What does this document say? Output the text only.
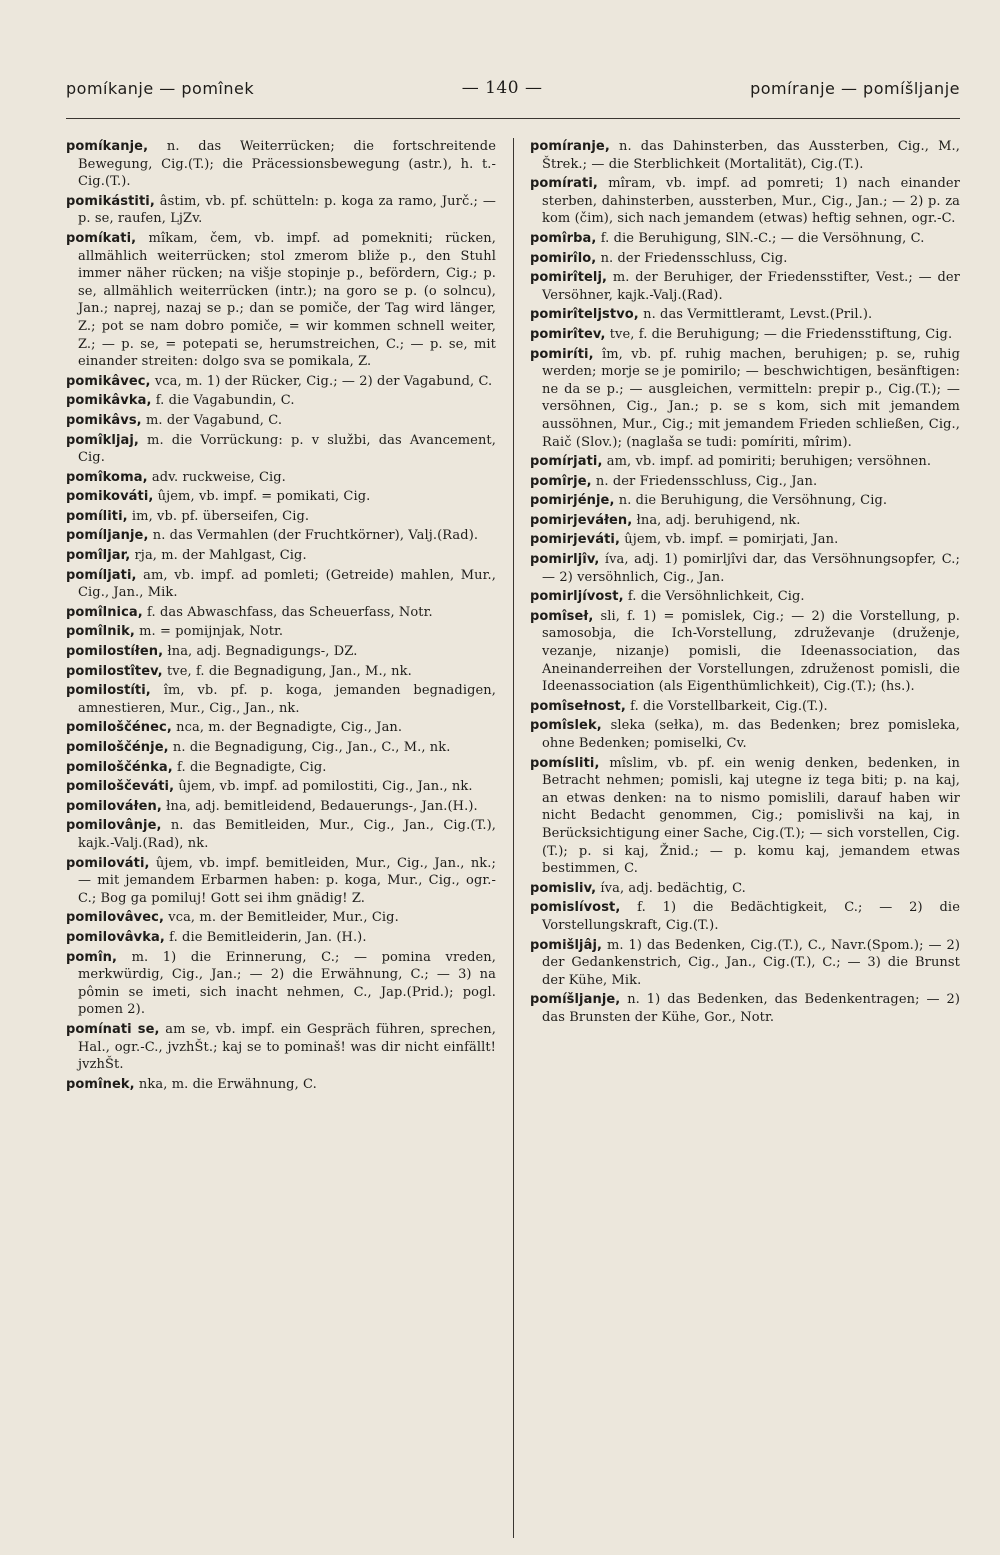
pomíkanje — pomînek	— 140 —	pomíranje — pomíšljanje

pomíkanje, n. das Weiterrücken; die fortschreitende Bewegung, Cig.(T.); die Präcessionsbewegung (astr.), h. t.-Cig.(T.).

pomikástiti, âstim, vb. pf. schütteln: p. koga za ramo, Jurč.; — p. se, raufen, LjZv.

pomíkati, mîkam, čem, vb. impf. ad pomekniti; rücken, allmählich weiterrücken; stol zmerom bliže p., den Stuhl immer näher rücken; na višje stopinje p., befördern, Cig.; p. se, allmählich weiterrücken (intr.); na goro se p. (o solncu), Jan.; naprej, nazaj se p.; dan se pomiče, der Tag wird länger, Z.; pot se nam dobro pomiče, = wir kommen schnell weiter, Z.; — p. se, = potepati se, herumstreichen, C.; — p. se, mit einander streiten: dolgo sva se pomikala, Z.

pomikâvec, vca, m. 1) der Rücker, Cig.; — 2) der Vagabund, C.

pomikâvka, f. die Vagabundin, C.

pomikâvs, m. der Vagabund, C.

pomîkljaj, m. die Vorrückung: p. v službi, das Avancement, Cig.

pomîkoma, adv. ruckweise, Cig.

pomikováti, ûjem, vb. impf. = pomikati, Cig.

pomíliti, im, vb. pf. überseifen, Cig.

pomíljanje, n. das Vermahlen (der Fruchtkörner), Valj.(Rad).

pomîljar, rja, m. der Mahlgast, Cig.

pomíljati, am, vb. impf. ad pomleti; (Getreide) mahlen, Mur., Cig., Jan., Mik.

pomîlnica, f. das Abwaschfass, das Scheuerfass, Notr.

pomîlnik, m. = pomijnjak, Notr.

pomilostíłen, łna, adj. Begnadigungs-, DZ.

pomilostîtev, tve, f. die Begnadigung, Jan., M., nk.

pomilostíti, îm, vb. pf. p. koga, jemanden begnadigen, amnestieren, Mur., Cig., Jan., nk.

pomiloščénec, nca, m. der Begnadigte, Cig., Jan.

pomiloščénje, n. die Begnadigung, Cig., Jan., C., M., nk.

pomiloščénka, f. die Begnadigte, Cig.

pomiloščeváti, ûjem, vb. impf. ad pomilostiti, Cig., Jan., nk.

pomilováłen, łna, adj. bemitleidend, Bedauerungs-, Jan.(H.).

pomilovânje, n. das Bemitleiden, Mur., Cig., Jan., Cig.(T.), kajk.-Valj.(Rad), nk.

pomilováti, ûjem, vb. impf. bemitleiden, Mur., Cig., Jan., nk.; — mit jemandem Erbarmen haben: p. koga, Mur., Cig., ogr.-C.; Bog ga pomiluj! Gott sei ihm gnädig! Z.

pomilovâvec, vca, m. der Bemitleider, Mur., Cig.

pomilovâvka, f. die Bemitleiderin, Jan. (H.).

pomîn, m. 1) die Erinnerung, C.; — pomina vreden, merkwürdig, Cig., Jan.; — 2) die Erwähnung, C.; — 3) na pômin se imeti, sich inacht nehmen, C., Jap.(Prid.); pogl. pomen 2).

pomínati se, am se, vb. impf. ein Gespräch führen, sprechen, Hal., ogr.-C., jvzhŠt.; kaj se to pominaš! was dir nicht einfällt! jvzhŠt.

pomînek, nka, m. die Erwähnung, C.

pomíranje, n. das Dahinsterben, das Aussterben, Cig., M., Štrek.; — die Sterblichkeit (Mortalität), Cig.(T.).

pomírati, mîram, vb. impf. ad pomreti; 1) nach einander sterben, dahinsterben, aussterben, Mur., Cig., Jan.; — 2) p. za kom (čim), sich nach jemandem (etwas) heftig sehnen, ogr.-C.

pomîrba, f. die Beruhigung, SlN.-C.; — die Versöhnung, C.

pomirîlo, n. der Friedensschluss, Cig.

pomirîtelj, m. der Beruhiger, der Friedensstifter, Vest.; — der Versöhner, kajk.-Valj.(Rad).

pomirîteljstvo, n. das Vermittleramt, Levst.(Pril.).

pomirîtev, tve, f. die Beruhigung; — die Friedensstiftung, Cig.

pomiríti, îm, vb. pf. ruhig machen, beruhigen; p. se, ruhig werden; morje se je pomirilo; — beschwichtigen, besänftigen: ne da se p.; — ausgleichen, vermitteln: prepir p., Cig.(T.); — versöhnen, Cig., Jan.; p. se s kom, sich mit jemandem aussöhnen, Mur., Cig.; mit jemandem Frieden schließen, Cig., Raič (Slov.); (naglaša se tudi: pomíriti, mîrim).

pomírjati, am, vb. impf. ad pomiriti; beruhigen; versöhnen.

pomîrje, n. der Friedensschluss, Cig., Jan.

pomirjénje, n. die Beruhigung, die Versöhnung, Cig.

pomirjeváłen, łna, adj. beruhigend, nk.

pomirjeváti, ûjem, vb. impf. = pomirjati, Jan.

pomirljîv, íva, adj. 1) pomirljîvi dar, das Versöhnungsopfer, C.; — 2) versöhnlich, Cig., Jan.

pomirljívost, f. die Versöhnlichkeit, Cig.

pomîseł, sli, f. 1) = pomislek, Cig.; — 2) die Vorstellung, p. samosobja, die Ich-Vorstellung, združevanje (druženje, vezanje, nizanje) pomisli, die Ideenassociation, das Aneinanderreihen der Vorstellungen, združenost pomisli, die Ideenassociation (als Eigenthümlichkeit), Cig.(T.); (hs.).

pomîsełnost, f. die Vorstellbarkeit, Cig.(T.).

pomîslek, sleka (sełka), m. das Bedenken; brez pomisleka, ohne Bedenken; pomiselki, Cv.

pomísliti, mîslim, vb. pf. ein wenig denken, bedenken, in Betracht nehmen; pomisli, kaj utegne iz tega biti; p. na kaj, an etwas denken: na to nismo pomislili, darauf haben wir nicht Bedacht genommen, Cig.; pomislivši na kaj, in Berücksichtigung einer Sache, Cig.(T.); — sich vorstellen, Cig.(T.); p. si kaj, Žnid.; — p. komu kaj, jemandem etwas bestimmen, C.

pomisliv, íva, adj. bedächtig, C.

pomislívost, f. 1) die Bedächtigkeit, C.; — 2) die Vorstellungskraft, Cig.(T.).

pomišljâj, m. 1) das Bedenken, Cig.(T.), C., Navr.(Spom.); — 2) der Gedankenstrich, Cig., Jan., Cig.(T.), C.; — 3) die Brunst der Kühe, Mik.

pomíšljanje, n. 1) das Bedenken, das Bedenkentragen; — 2) das Brunsten der Kühe, Gor., Notr.
